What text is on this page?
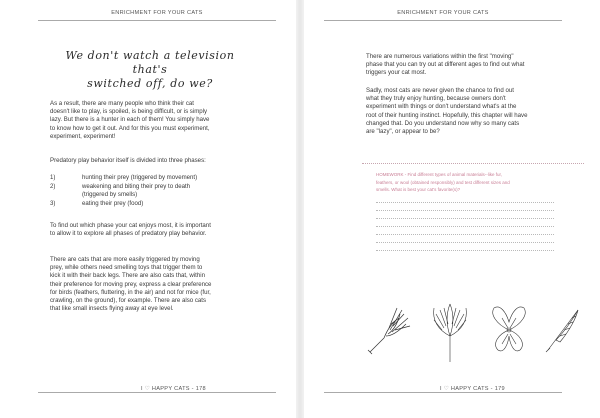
ENRICHMENT FOR YOUR CATS
We don't watch a television that's
switched off, do we?
As a result, there are many people who think their cat
doesn't like to play, is spoiled, is being difficult, or is simply
lazy. But there is a hunter in each of them! You simply have
to know how to get it out. And for this you must experiment,
experiment, experiment!
Predatory play behavior itself is divided into three phases:
1)	hunting their prey (triggered by movement)
2)	weakening and biting their prey to death
(triggered by smells)
3)	eating their prey (food)
To find out which phase your cat enjoys most, it is important
to allow it to explore all phases of predatory play behavior.
There are cats that are more easily triggered by moving
prey, while others need smelling toys that trigger them to
kick it with their back legs. There are also cats that, within
their preference for moving prey, express a clear preference
for birds (feathers, fluttering, in the air) and not for mice (fur,
crawling, on the ground), for example. There are also cats
that like small insects flying away at eye level.
I ♡ HAPPY CATS - 178
ENRICHMENT FOR YOUR CATS
There are numerous variations within the first "moving"
phase that you can try out at different ages to find out what
triggers your cat most.
Sadly, most cats are never given the chance to find out
what they truly enjoy hunting, because owners don't
experiment with things or don't understand what's at the
root of their hunting instinct. Hopefully, this chapter will have
changed that. Do you understand now why so many cats
are "lazy", or appear to be?
HOMEWORK - Find different types of animal materials--like fur,
feathers, or wool (obtained responsibly) and test different sizes and
smells. What is best your cat's favorite(s)?
I ♡ HAPPY CATS - 179
